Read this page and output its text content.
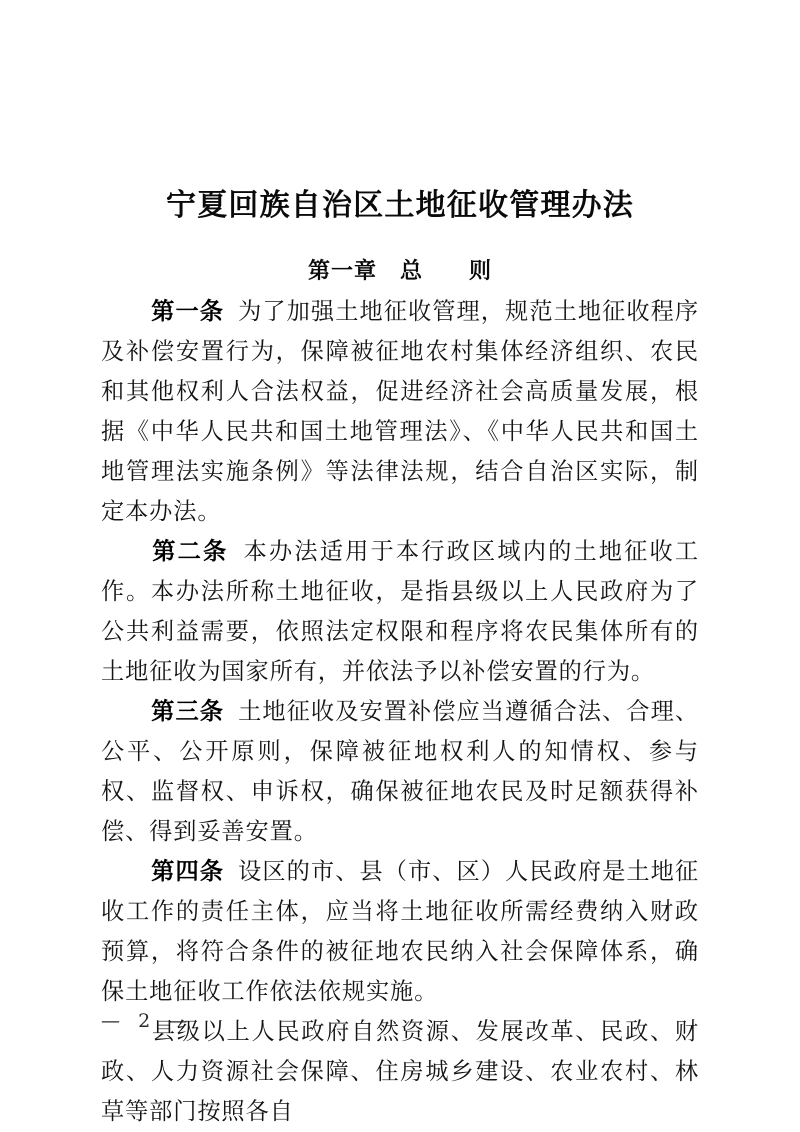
宁夏回族自治区土地征收管理办法
第一章　总　　则

第一条 为了加强土地征收管理，规范土地征收程序及补偿安置行为，保障被征地农村集体经济组织、农民和其他权利人合法权益，促进经济社会高质量发展，根据《中华人民共和国土地管理法》、《中华人民共和国土地管理法实施条例》等法律法规，结合自治区实际，制定本办法。

第二条 本办法适用于本行政区域内的土地征收工作。本办法所称土地征收，是指县级以上人民政府为了公共利益需要，依照法定权限和程序将农民集体所有的土地征收为国家所有，并依法予以补偿安置的行为。

第三条 土地征收及安置补偿应当遵循合法、合理、公平、公开原则，保障被征地权利人的知情权、参与权、监督权、申诉权，确保被征地农民及时足额获得补偿、得到妥善安置。

第四条 设区的市、县（市、区）人民政府是土地征收工作的责任主体，应当将土地征收所需经费纳入财政预算，将符合条件的被征地农民纳入社会保障体系，确保土地征收工作依法依规实施。

县级以上人民政府自然资源、发展改革、民政、财政、人力资源社会保障、住房城乡建设、农业农村、林草等部门按照各自

—  2  —
